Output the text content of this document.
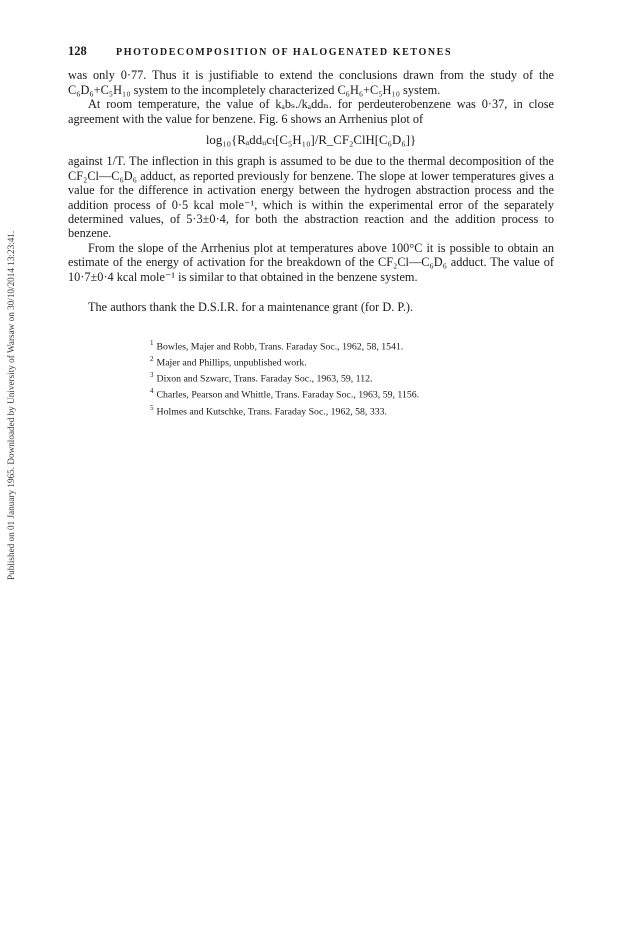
Published on 01 January 1965. Downloaded by University of Warsaw on 30/10/2014 13:23:41.
128	PHOTODECOMPOSITION OF HALOGENATED KETONES

was only 0·77. Thus it is justifiable to extend the conclusions drawn from the study of the C₆D₆+C₅H₁₀ system to the incompletely characterized C₆H₆+C₅H₁₀ system.

At room temperature, the value of kₐbₛ./kₐddₙ. for perdeuterobenzene was 0·37, in close agreement with the value for benzene. Fig. 6 shows an Arrhenius plot of

log₁₀{Rₐddᵤcₜ[C₅H₁₀]/R_CF₂ClH[C₆D₆]}

against 1/T. The inflection in this graph is assumed to be due to the thermal decomposition of the CF₂Cl—C₆D₆ adduct, as reported previously for benzene. The slope at lower temperatures gives a value for the difference in activation energy between the hydrogen abstraction process and the addition process of 0·5 kcal mole⁻¹, which is within the experimental error of the separately determined values, of 5·3±0·4, for both the abstraction reaction and the addition process to benzene.

From the slope of the Arrhenius plot at temperatures above 100°C it is possible to obtain an estimate of the energy of activation for the breakdown of the CF₂Cl—C₆D₆ adduct. The value of 10·7±0·4 kcal mole⁻¹ is similar to that obtained in the benzene system.

The authors thank the D.S.I.R. for a maintenance grant (for D. P.).

$^1$ Bowles, Majer and Robb, Trans. Faraday Soc., 1962, 58, 1541.
$^2$ Majer and Phillips, unpublished work.
$^3$ Dixon and Szwarc, Trans. Faraday Soc., 1963, 59, 112.
$^4$ Charles, Pearson and Whittle, Trans. Faraday Soc., 1963, 59, 1156.
$^5$ Holmes and Kutschke, Trans. Faraday Soc., 1962, 58, 333.
